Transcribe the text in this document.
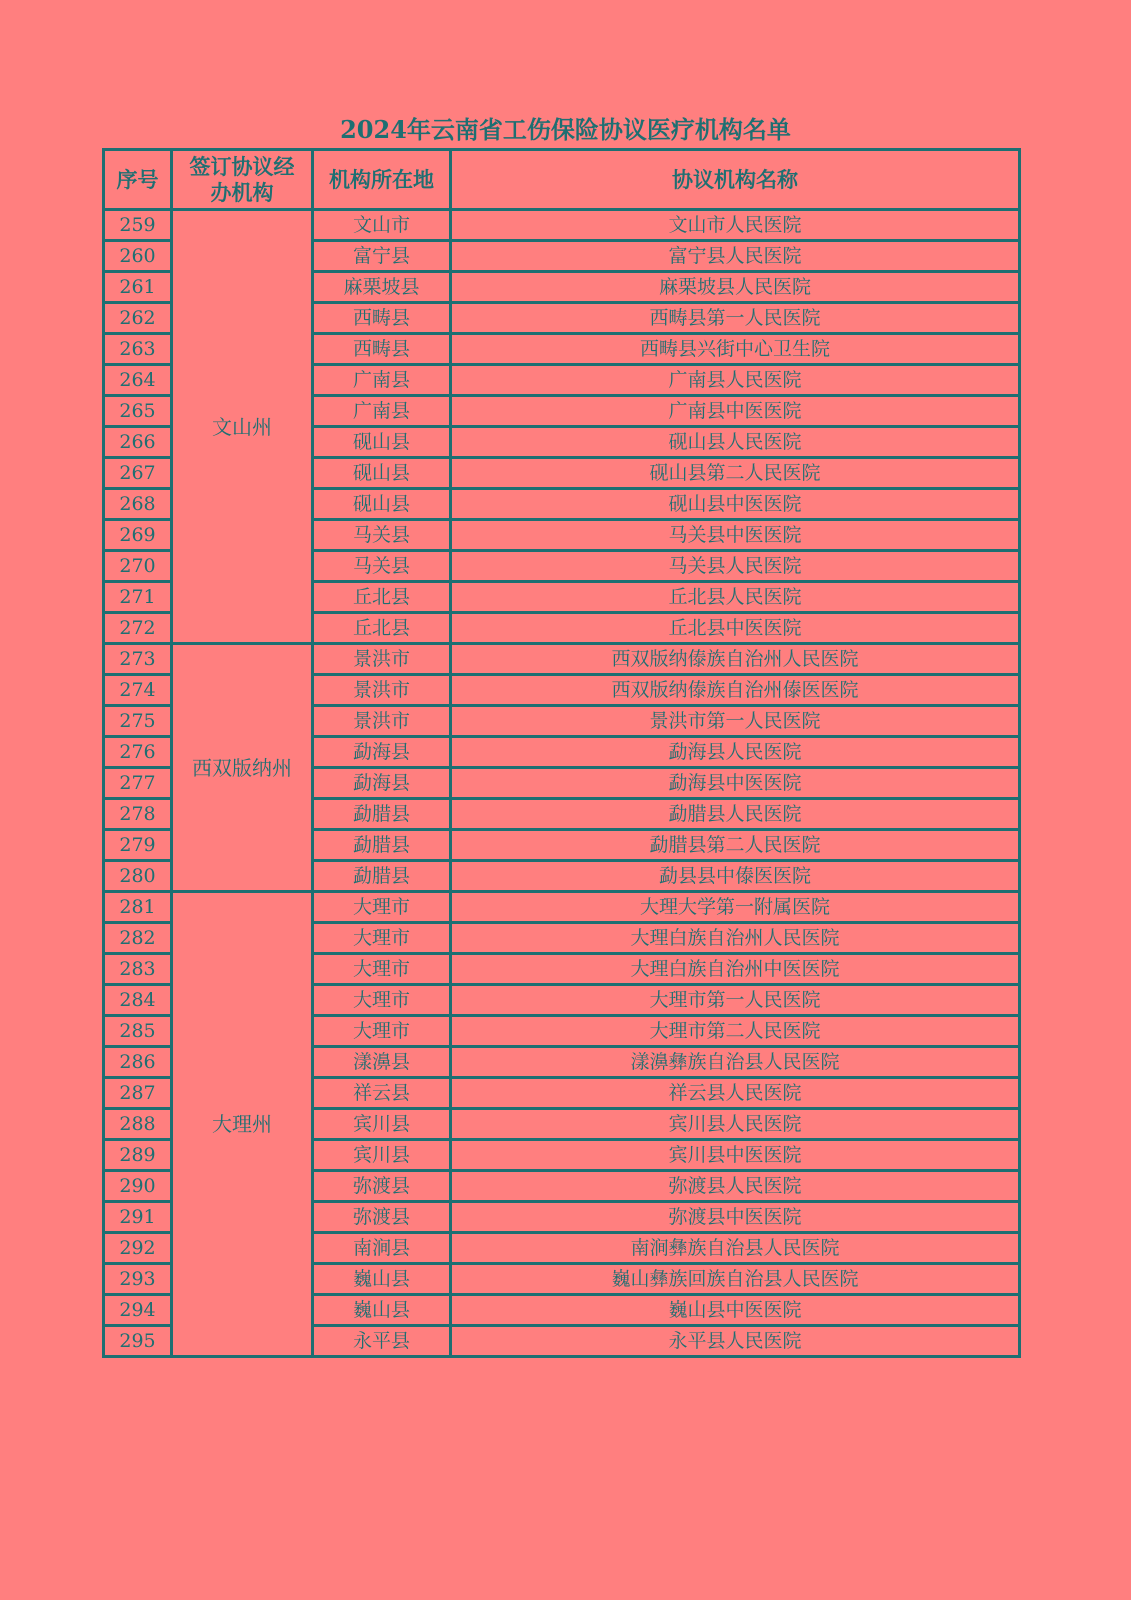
2024年云南省工伤保险协议医疗机构名单
序号	签订协议经办机构	机构所在地	协议机构名称
259	文山州	文山市	文山市人民医院
260		富宁县	富宁县人民医院
261		麻栗坡县	麻栗坡县人民医院
262		西畴县	西畴县第一人民医院
263		西畴县	西畴县兴街中心卫生院
264		广南县	广南县人民医院
265		广南县	广南县中医医院
266		砚山县	砚山县人民医院
267		砚山县	砚山县第二人民医院
268		砚山县	砚山县中医医院
269		马关县	马关县中医医院
270		马关县	马关县人民医院
271		丘北县	丘北县人民医院
272		丘北县	丘北县中医医院
273	西双版纳州	景洪市	西双版纳傣族自治州人民医院
274		景洪市	西双版纳傣族自治州傣医医院
275		景洪市	景洪市第一人民医院
276		勐海县	勐海县人民医院
277		勐海县	勐海县中医医院
278		勐腊县	勐腊县人民医院
279		勐腊县	勐腊县第二人民医院
280		勐腊县	勐县县中傣医医院
281	大理州	大理市	大理大学第一附属医院
282		大理市	大理白族自治州人民医院
283		大理市	大理白族自治州中医医院
284		大理市	大理市第一人民医院
285		大理市	大理市第二人民医院
286		漾濞县	漾濞彝族自治县人民医院
287		祥云县	祥云县人民医院
288		宾川县	宾川县人民医院
289		宾川县	宾川县中医医院
290		弥渡县	弥渡县人民医院
291		弥渡县	弥渡县中医医院
292		南涧县	南涧彝族自治县人民医院
293		巍山县	巍山彝族回族自治县人民医院
294		巍山县	巍山县中医医院
295		永平县	永平县人民医院
